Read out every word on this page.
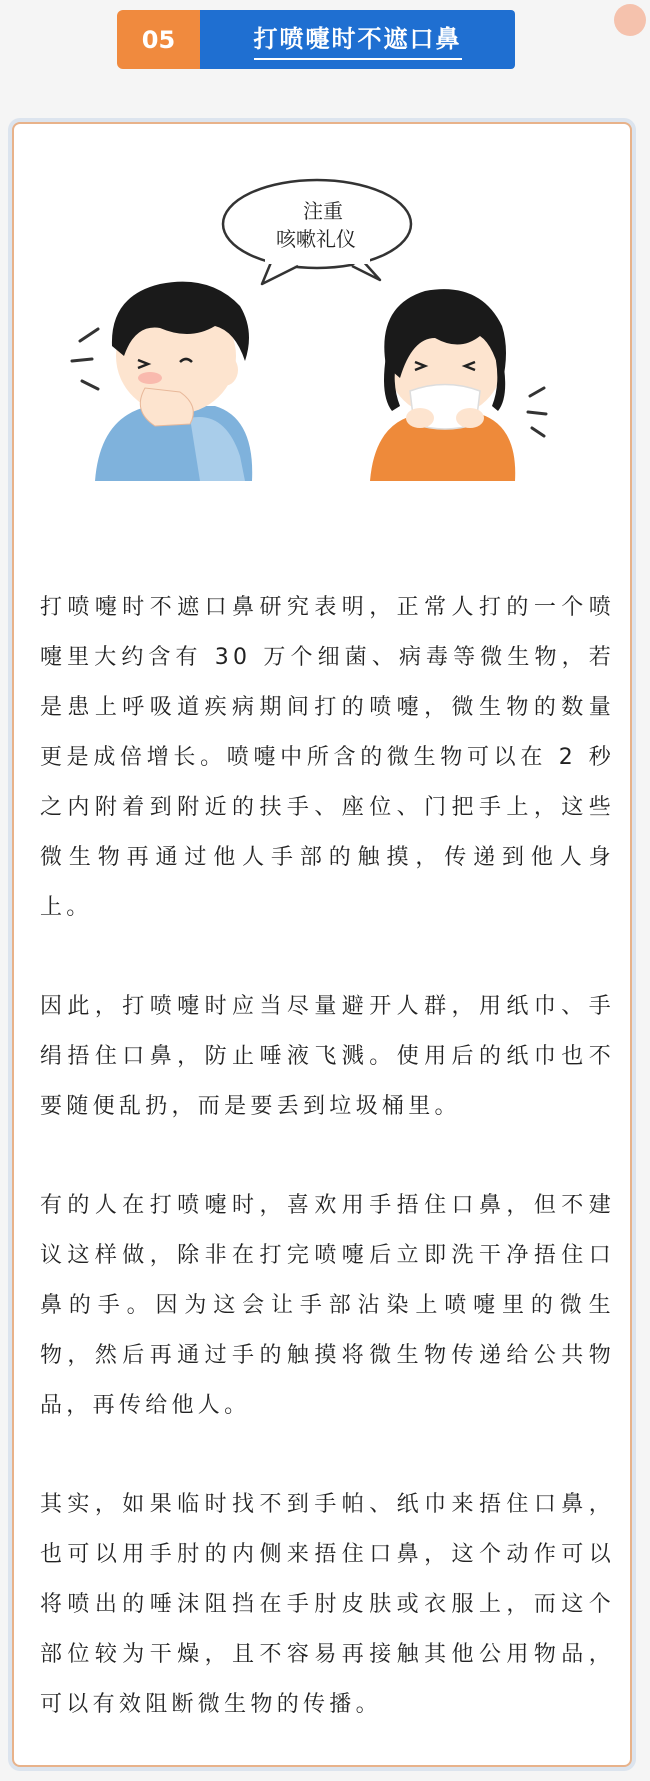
05	打喷嚏时不遮口鼻
注重
咳嗽礼仪

打喷嚏时不遮口鼻研究表明，正常人打的一个喷嚏里大约含有 30 万个细菌、病毒等微生物，若是患上呼吸道疾病期间打的喷嚏，微生物的数量更是成倍增长。喷嚏中所含的微生物可以在 2 秒之内附着到附近的扶手、座位、门把手上，这些微生物再通过他人手部的触摸，传递到他人身上。

因此，打喷嚏时应当尽量避开人群，用纸巾、手绢捂住口鼻，防止唾液飞溅。使用后的纸巾也不要随便乱扔，而是要丢到垃圾桶里。

有的人在打喷嚏时，喜欢用手捂住口鼻，但不建议这样做，除非在打完喷嚏后立即洗干净捂住口鼻的手。因为这会让手部沾染上喷嚏里的微生物，然后再通过手的触摸将微生物传递给公共物品，再传给他人。

其实，如果临时找不到手帕、纸巾来捂住口鼻，也可以用手肘的内侧来捂住口鼻，这个动作可以将喷出的唾沫阻挡在手肘皮肤或衣服上，而这个部位较为干燥，且不容易再接触其他公用物品，可以有效阻断微生物的传播。
